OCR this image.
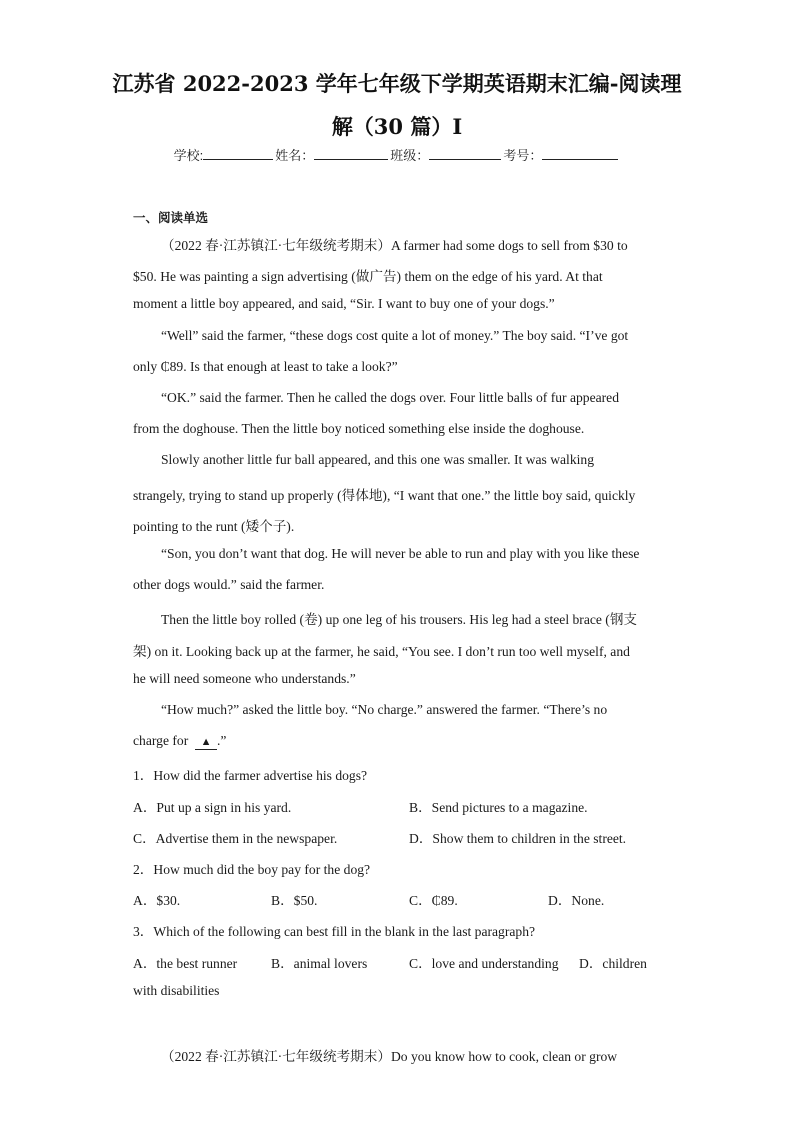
江苏省 2022-2023 学年七年级下学期英语期末汇编-阅读理
解（30 篇）Ⅰ
学校:	姓名：	班级：	考号：
一、阅读单选
（2022 春·江苏镇江·七年级统考期末）A farmer had some dogs to sell from $30 to
$50. He was painting a sign advertising (做广告) them on the edge of his yard. At that
moment a little boy appeared, and said, “Sir. I want to buy one of your dogs.”
“Well” said the farmer, “these dogs cost quite a lot of money.” The boy said. “I’ve got
only ₵89. Is that enough at least to take a look?”
“OK.” said the farmer. Then he called the dogs over. Four little balls of fur appeared
from the doghouse. Then the little boy noticed something else inside the doghouse.
Slowly another little fur ball appeared, and this one was smaller. It was walking
strangely, trying to stand up properly (得体地), “I want that one.” the little boy said, quickly
pointing to the runt (矮个子).
“Son, you don’t want that dog. He will never be able to run and play with you like these
other dogs would.” said the farmer.
Then the little boy rolled (卷) up one leg of his trousers. His leg had a steel brace (钢支
架) on it. Looking back up at the farmer, he said, “You see. I don’t run too well myself, and
he will need someone who understands.”
“How much?” asked the little boy. “No charge.” answered the farmer. “There’s no
charge for ▲ .”
1．How did the farmer advertise his dogs?
A．Put up a sign in his yard.	B．Send pictures to a magazine.
C．Advertise them in the newspaper.	D．Show them to children in the street.
2．How much did the boy pay for the dog?
A．$30.	B．$50.	C．₵89.	D．None.
3．Which of the following can best fill in the blank in the last paragraph?
A．the best runner B．animal lovers	C．love and understanding D．children
with disabilities
（2022 春·江苏镇江·七年级统考期末）Do you know how to cook, clean or grow
